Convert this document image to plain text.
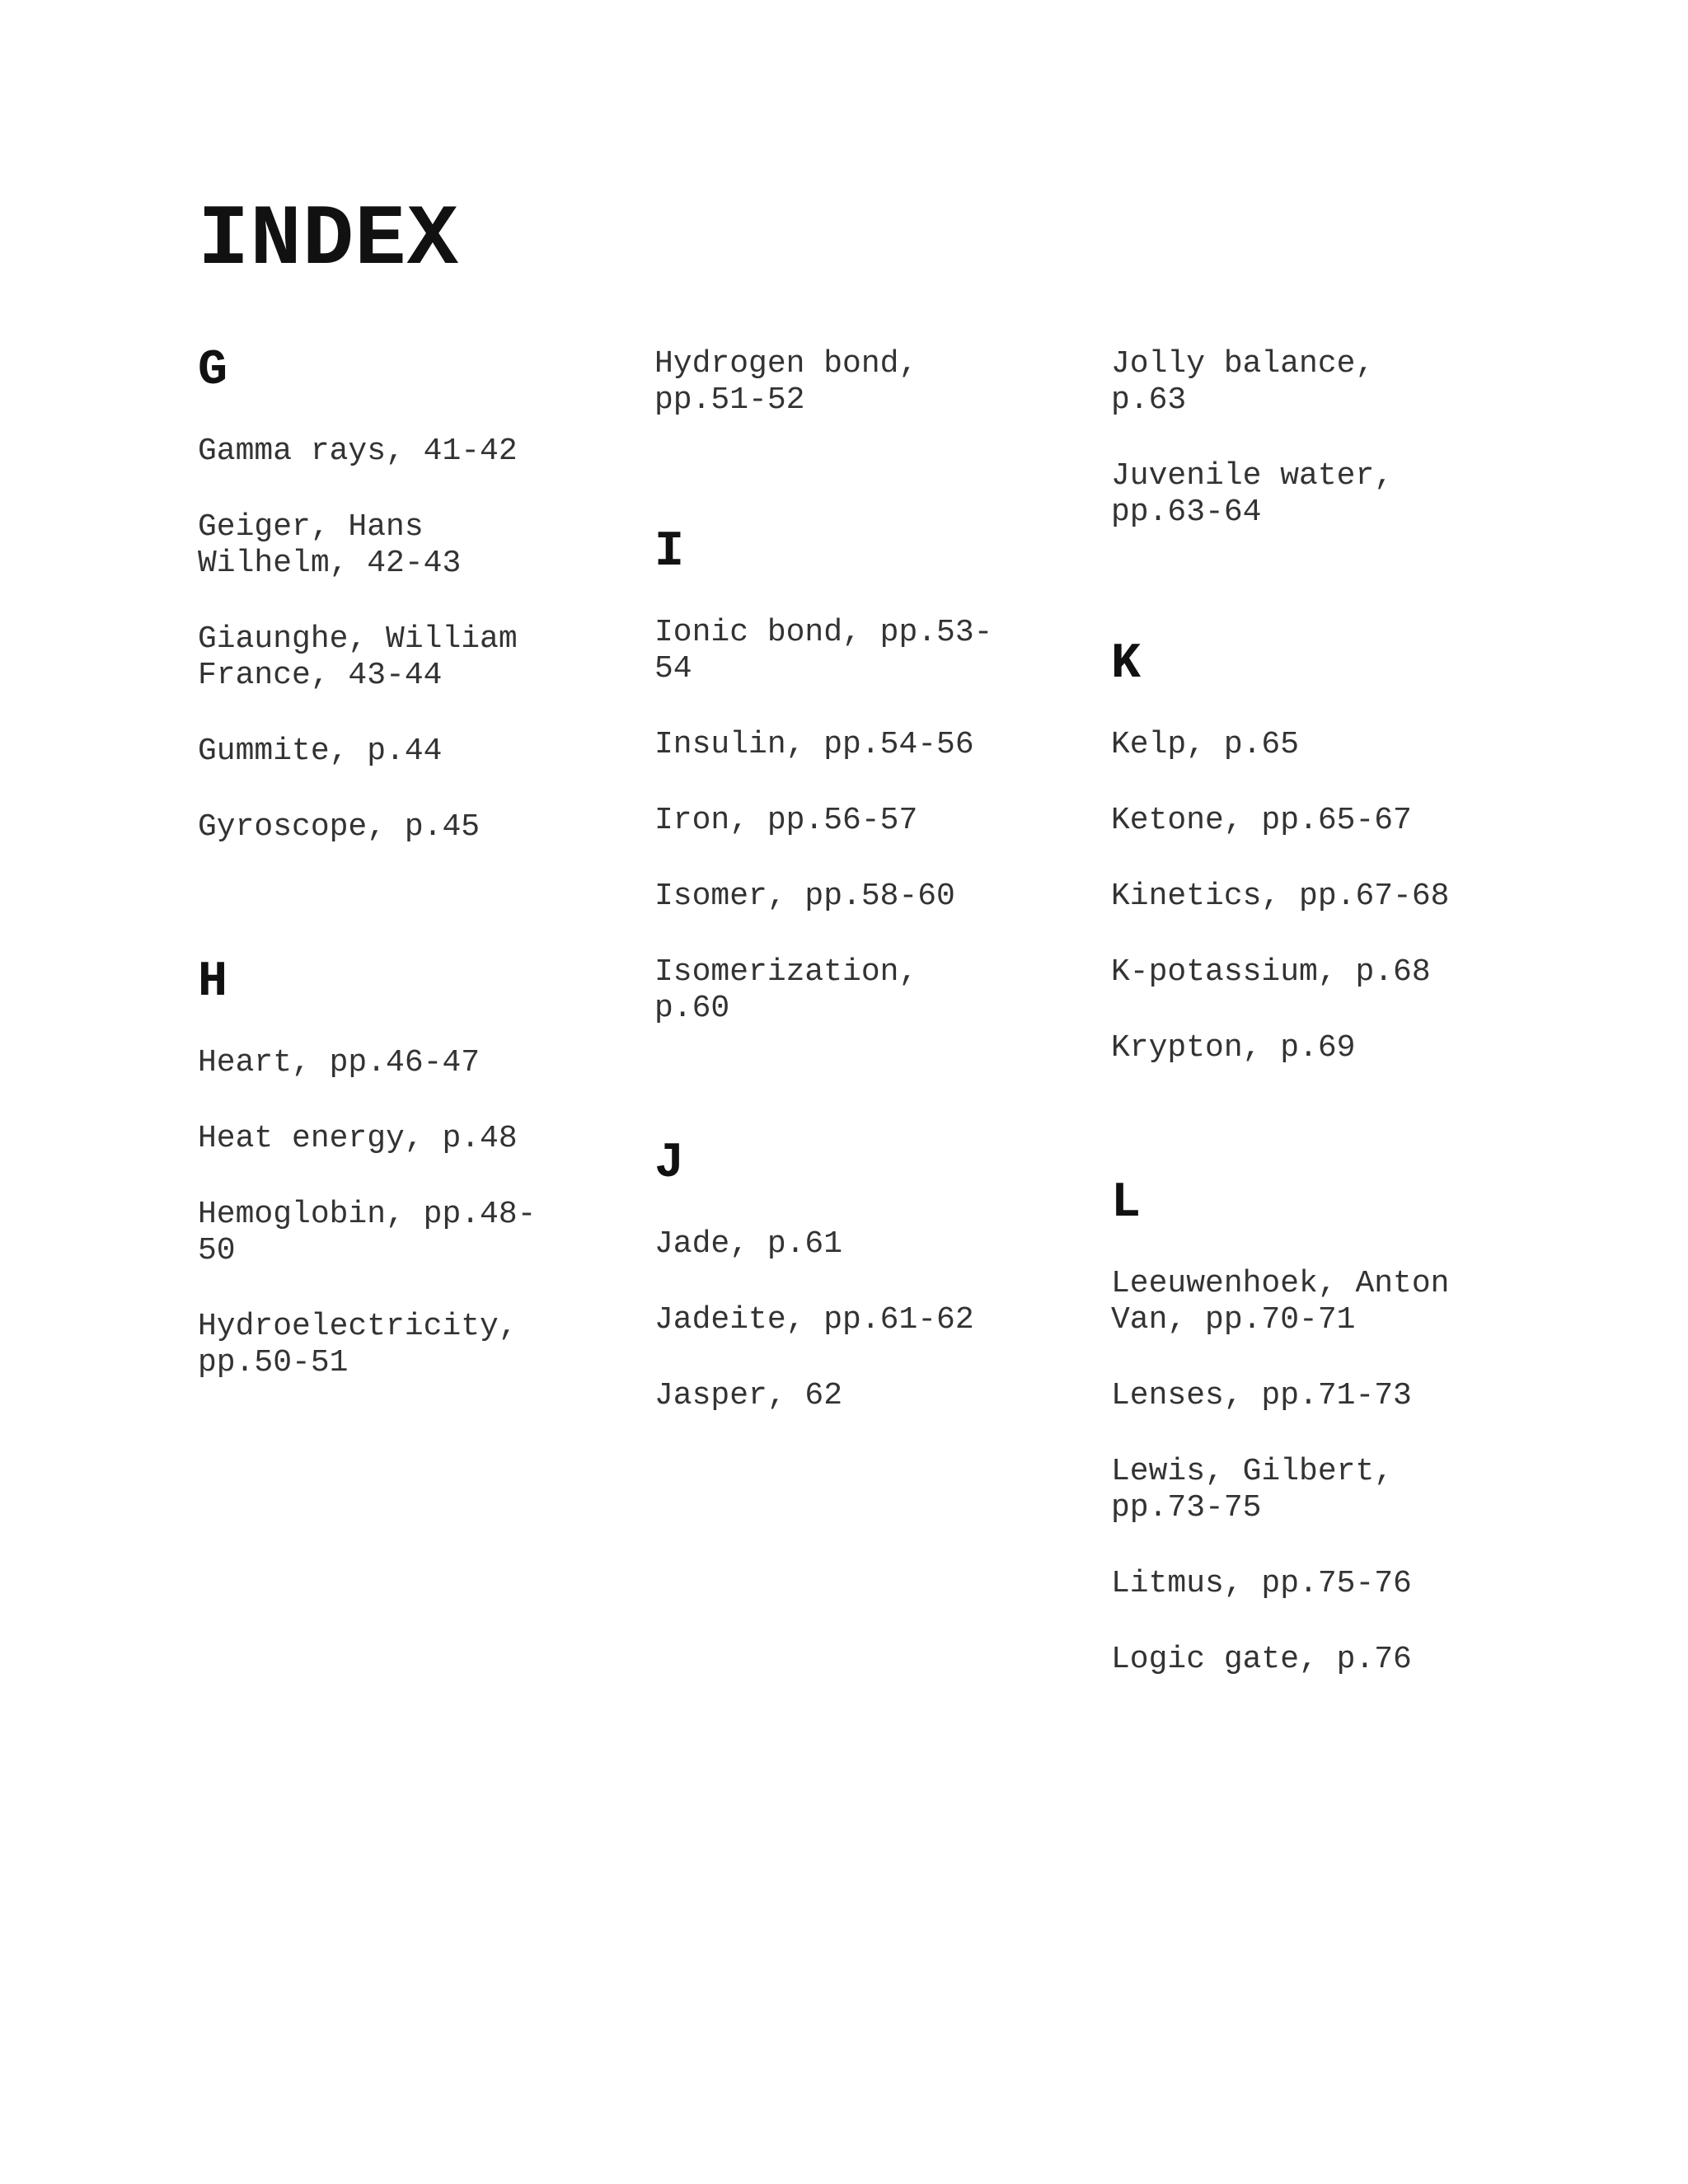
INDEX
G
Gamma rays, 41-42
Geiger, Hans
Wilhelm, 42-43
Giaunghe, William
France, 43-44
Gummite, p.44
Gyroscope, p.45
H
Heart, pp.46-47
Heat energy, p.48
Hemoglobin, pp.48-
50
Hydroelectricity,
pp.50-51
Hydrogen bond,
pp.51-52
I
Ionic bond, pp.53-
54
Insulin, pp.54-56
Iron, pp.56-57
Isomer, pp.58-60
Isomerization,
p.60
J
Jade, p.61
Jadeite, pp.61-62
Jasper, 62
Jolly balance,
p.63
Juvenile water,
pp.63-64
K
Kelp, p.65
Ketone, pp.65-67
Kinetics, pp.67-68
K-potassium, p.68
Krypton, p.69
L
Leeuwenhoek, Anton
Van, pp.70-71
Lenses, pp.71-73
Lewis, Gilbert,
pp.73-75
Litmus, pp.75-76
Logic gate, p.76
